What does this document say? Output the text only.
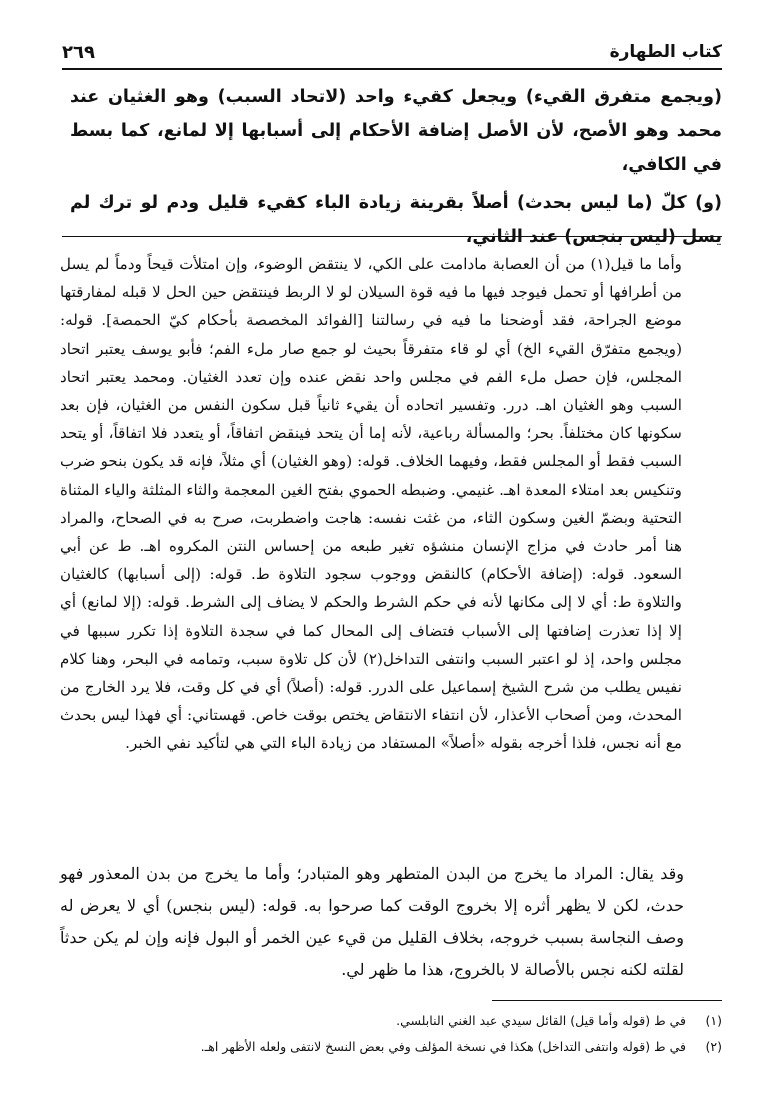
كتاب الطهارة
٢٦٩

(ويجمع متفرق القيء) ويجعل كقيء واحد (لاتحاد السبب) وهو الغثيان عند محمد وهو الأصح، لأن الأصل إضافة الأحكام إلى أسبابها إلا لمانع، كما بسط في الكافي،

(و) كلّ (ما ليس بحدث) أصلاً بقرينة زيادة الباء كقيء قليل ودم لو ترك لم يسل (ليس بنجس) عند الثاني،

وأما ما قيل(١) من أن العصابة مادامت على الكي، لا ينتقض الوضوء، وإن امتلأت قيحاً ودماً لم يسل من أطرافها أو تحمل فيوجد فيها ما فيه قوة السيلان لو لا الربط فينتقض حين الحل لا قبله لمفارقتها موضع الجراحة، فقد أوضحنا ما فيه في رسالتنا [الفوائد المخصصة بأحكام كيّ الحمصة]. قوله: (ويجمع متفرّق القيء الخ) أي لو قاء متفرقاً بحيث لو جمع صار ملء الفم؛ فأبو يوسف يعتبر اتحاد المجلس، فإن حصل ملء الفم في مجلس واحد نقض عنده وإن تعدد الغثيان. ومحمد يعتبر اتحاد السبب وهو الغثيان اهـ. درر. وتفسير اتحاده أن يقيء ثانياً قبل سكون النفس من الغثيان، فإن بعد سكونها كان مختلفاً. بحر؛ والمسألة رباعية، لأنه إما أن يتحد فينقض اتفاقاً، أو يتعدد فلا اتفاقاً، أو يتحد السبب فقط أو المجلس فقط، وفيهما الخلاف. قوله: (وهو الغثيان) أي مثلاً، فإنه قد يكون بنحو ضرب وتنكيس بعد امتلاء المعدة اهـ. غنيمي. وضبطه الحموي بفتح الغين المعجمة والثاء المثلثة والياء المثناة التحتية وبضمّ الغين وسكون الثاء، من غثت نفسه: هاجت واضطربت، صرح به في الصحاح، والمراد هنا أمر حادث في مزاج الإنسان منشؤه تغير طبعه من إحساس النتن المكروه اهـ. ط عن أبي السعود. قوله: (إضافة الأحكام) كالنقض ووجوب سجود التلاوة ط. قوله: (إلى أسبابها) كالغثيان والتلاوة ط: أي لا إلى مكانها لأنه في حكم الشرط والحكم لا يضاف إلى الشرط. قوله: (إلا لمانع) أي إلا إذا تعذرت إضافتها إلى الأسباب فتضاف إلى المحال كما في سجدة التلاوة إذا تكرر سببها في مجلس واحد، إذ لو اعتبر السبب وانتفى التداخل(٢) لأن كل تلاوة سبب، وتمامه في البحر، وهنا كلام نفيس يطلب من شرح الشيخ إسماعيل على الدرر. قوله: (أصلاً) أي في كل وقت، فلا يرد الخارج من المحدث، ومن أصحاب الأعذار، لأن انتفاء الانتقاض يختص بوقت خاص. قهستاني: أي فهذا ليس بحدث مع أنه نجس، فلذا أخرجه بقوله «أصلاً» المستفاد من زيادة الباء التي هي لتأكيد نفي الخبر.

وقد يقال: المراد ما يخرج من البدن المتطهر وهو المتبادر؛ وأما ما يخرج من بدن المعذور فهو حدث، لكن لا يظهر أثره إلا بخروج الوقت كما صرحوا به. قوله: (ليس بنجس) أي لا يعرض له وصف النجاسة بسبب خروجه، بخلاف القليل من قيء عين الخمر أو البول فإنه وإن لم يكن حدثاً لقلته لكنه نجس بالأصالة لا بالخروج، هذا ما ظهر لي.

(١)
في ط (قوله وأما قيل) القائل سيدي عبد الغني النابلسي.
(٢)
في ط (قوله وانتفى التداخل) هكذا في نسخة المؤلف وفي بعض النسخ لانتفى ولعله الأظهر اهـ.
